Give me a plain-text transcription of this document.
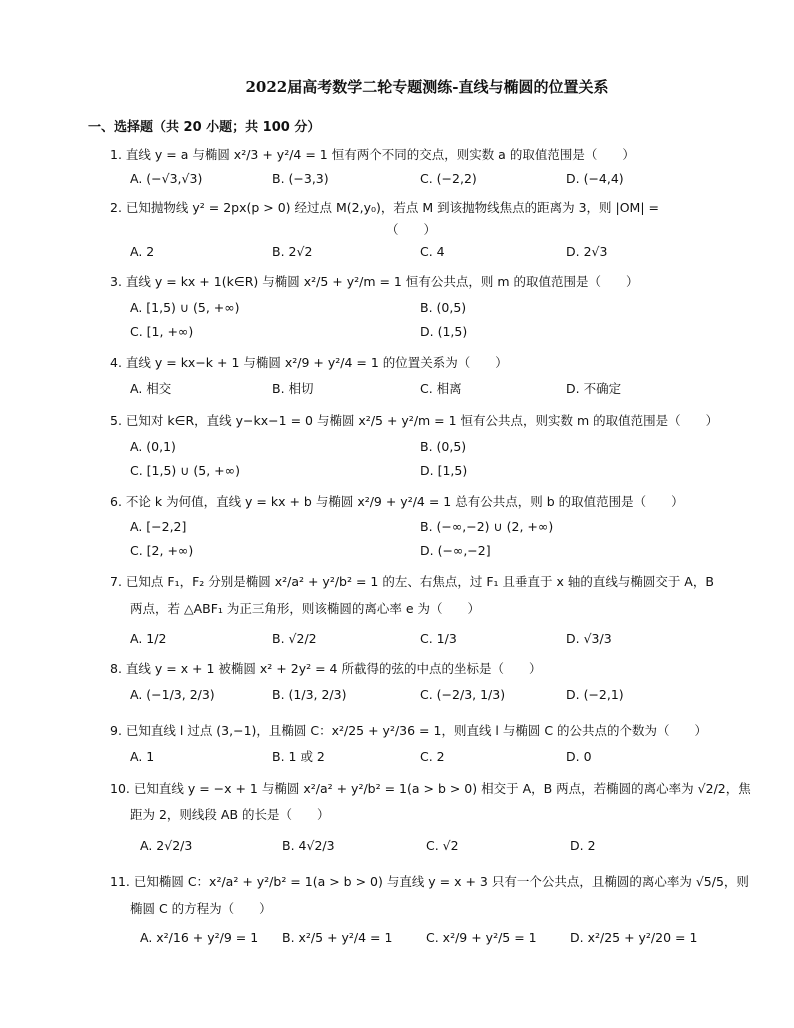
2022届高考数学二轮专题测练-直线与椭圆的位置关系
一、选择题（共 20 小题；共 100 分）
1. 直线 y = a 与椭圆 x²/3 + y²/4 = 1 恒有两个不同的交点，则实数 a 的取值范围是（　　）
A. (−√3,√3)	B. (−3,3)	C. (−2,2)	D. (−4,4)
2. 已知抛物线 y² = 2px(p > 0) 经过点 M(2,y₀)，若点 M 到该抛物线焦点的距离为 3，则 |OM| =
（　　）
A. 2	B. 2√2	C. 4	D. 2√3
3. 直线 y = kx + 1(k∈R) 与椭圆 x²/5 + y²/m = 1 恒有公共点，则 m 的取值范围是（　　）
A. [1,5) ∪ (5, +∞)	B. (0,5)
C. [1, +∞)	D. (1,5)
4. 直线 y = kx−k + 1 与椭圆 x²/9 + y²/4 = 1 的位置关系为（　　）
A. 相交	B. 相切	C. 相离	D. 不确定
5. 已知对 k∈R，直线 y−kx−1 = 0 与椭圆 x²/5 + y²/m = 1 恒有公共点，则实数 m 的取值范围是（　　）
A. (0,1)	B. (0,5)
C. [1,5) ∪ (5, +∞)	D. [1,5)
6. 不论 k 为何值，直线 y = kx + b 与椭圆 x²/9 + y²/4 = 1 总有公共点，则 b 的取值范围是（　　）
A. [−2,2]	B. (−∞,−2) ∪ (2, +∞)
C. [2, +∞)	D. (−∞,−2]
7. 已知点 F₁，F₂ 分别是椭圆 x²/a² + y²/b² = 1 的左、右焦点，过 F₁ 且垂直于 x 轴的直线与椭圆交于 A，B
两点，若 △ABF₁ 为正三角形，则该椭圆的离心率 e 为（　　）
A. 1/2	B. √2/2	C. 1/3	D. √3/3
8. 直线 y = x + 1 被椭圆 x² + 2y² = 4 所截得的弦的中点的坐标是（　　）
A. (−1/3, 2/3)	B. (1/3, 2/3)	C. (−2/3, 1/3)	D. (−2,1)
9. 已知直线 l 过点 (3,−1)，且椭圆 C：x²/25 + y²/36 = 1，则直线 l 与椭圆 C 的公共点的个数为（　　）
A. 1	B. 1 或 2	C. 2	D. 0
10. 已知直线 y = −x + 1 与椭圆 x²/a² + y²/b² = 1(a > b > 0) 相交于 A，B 两点，若椭圆的离心率为 √2/2，焦
距为 2，则线段 AB 的长是（　　）
A. 2√2/3	B. 4√2/3	C. √2	D. 2
11. 已知椭圆 C：x²/a² + y²/b² = 1(a > b > 0) 与直线 y = x + 3 只有一个公共点，且椭圆的离心率为 √5/5，则
椭圆 C 的方程为（　　）
A. x²/16 + y²/9 = 1 B. x²/5 + y²/4 = 1	C. x²/9 + y²/5 = 1	D. x²/25 + y²/20 = 1
